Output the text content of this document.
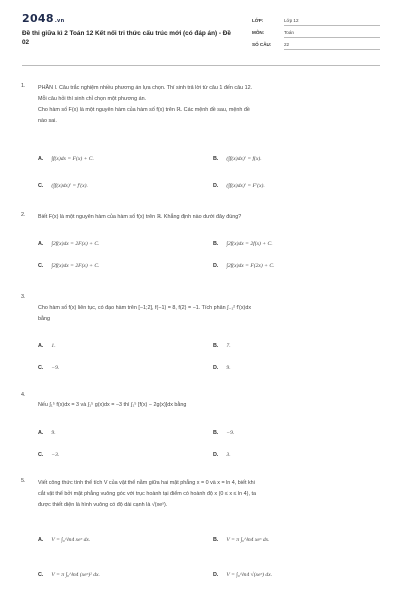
2048.vn
Đề thi giữa kì 2 Toán 12 Kết nối tri thức cấu trúc mới (có đáp án) - Đề 02
LỚP:	Lớp 12
MÔN:	Toán
SỐ CÂU:	22
1. PHẦN I. Câu trắc nghiệm nhiều phương án lựa chọn. Thí sinh trả lời từ câu 1 đến câu 12.
Mỗi câu hỏi thí sinh chỉ chọn một phương án.
Cho hàm số F(x) là một nguyên hàm của hàm số f(x) trên ℝ. Các mệnh đề sau, mệnh đề
nào sai.
A. ∫f(x)dx = F(x) + C.	B. (∫f(x)dx)′ = f(x).
C. (∫f(x)dx)′ = f′(x).	D. (∫f(x)dx)′ = F′(x).
2. Biết F(x) là một nguyên hàm của hàm số f(x) trên ℝ. Khẳng định nào dưới đây đúng?
A. ∫2f(x)dx = 2F(x) + C.	B. ∫2f(x)dx = 2f(x) + C.
C. ∫2f(x)dx = 2F(x) + C.	D. ∫2f(x)dx = F(2x) + C.
3.
Cho hàm số f(x) liên tục, có đạo hàm trên [−1;2], f(−1) = 8, f(2) = −1. Tích phân ∫₋₁² f′(x)dx
bằng
A. 1.	B. 7.
C. −9.	D. 9.
4.
Nếu ∫₁⁵ f(x)dx = 3 và ∫₁⁵ g(x)dx = −3 thì ∫₁⁵ [f(x) − 2g(x)]dx bằng
A. 9.	B. −9.
C. −3.	D. 3.
5. Viết công thức tính thể tích V của vật thể nằm giữa hai mặt phẳng x = 0 và x = ln 4, biết khi
cắt vật thể bởi mặt phẳng vuông góc với trục hoành tại điểm có hoành độ x (0 ≤ x ≤ ln 4), ta
được thiết diện là hình vuông có độ dài cạnh là √(xeˣ).
A. V = ∫₀^ln4 xeˣ dx.	B. V = π ∫₀^ln4 xeˣ dx.
C. V = π ∫₀^ln4 (xeˣ)² dx.	D. V = ∫₀^ln4 √(xeˣ) dx.
